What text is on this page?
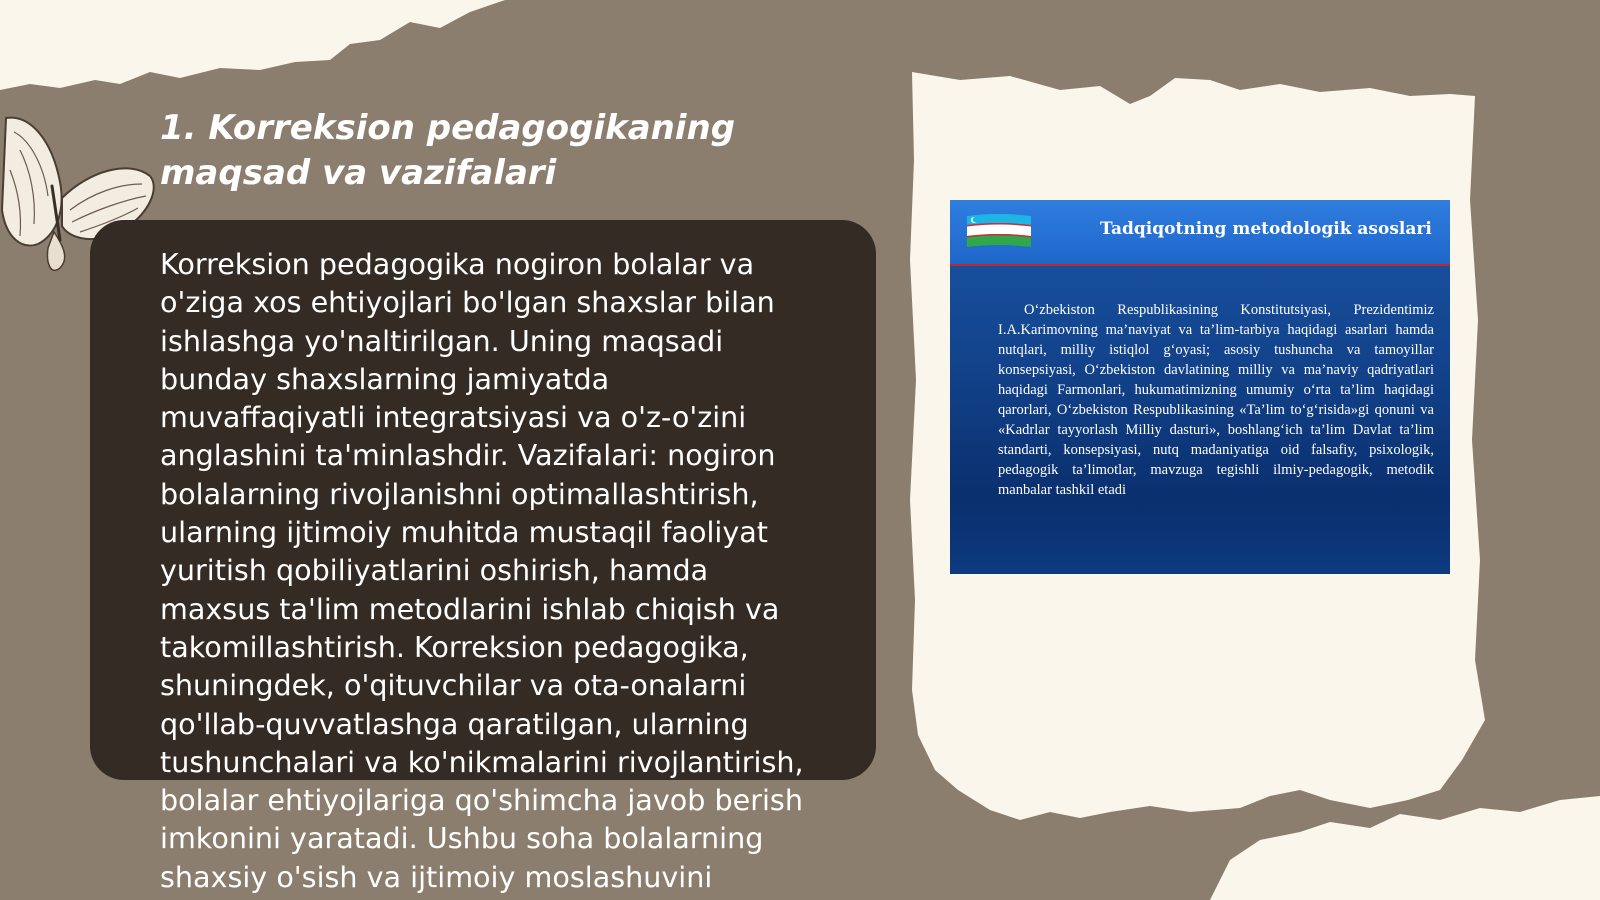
1. Korreksion pedagogikaning
maqsad va vazifalari
Korreksion pedagogika nogiron bolalar va
o'ziga xos ehtiyojlari bo'lgan shaxslar bilan
ishlashga yo'naltirilgan. Uning maqsadi
bunday shaxslarning jamiyatda
muvaffaqiyatli integratsiyasi va o'z-o'zini
anglashini ta'minlashdir. Vazifalari: nogiron
bolalarning rivojlanishni optimallashtirish,
ularning ijtimoiy muhitda mustaqil faoliyat
yuritish qobiliyatlarini oshirish, hamda
maxsus ta'lim metodlarini ishlab chiqish va
takomillashtirish. Korreksion pedagogika,
shuningdek, o'qituvchilar va ota-onalarni
qo'llab-quvvatlashga qaratilgan, ularning
tushunchalari va ko'nikmalarini rivojlantirish,
bolalar ehtiyojlariga qo'shimcha javob berish
imkonini yaratadi. Ushbu soha bolalarning
shaxsiy o'sish va ijtimoiy moslashuvini
Tadqiqotning metodologik asoslari
O‘zbekiston Respublikasining Konstitutsiyasi, Prezidentimiz I.A.Karimovning ma’naviyat va ta’lim-tarbiya haqidagi asarlari hamda nutqlari, milliy istiqlol g‘oyasi; asosiy tushuncha va tamoyillar konsepsiyasi, O‘zbekiston davlatining milliy va ma’naviy qadriyatlari haqidagi Farmonlari, hukumatimizning umumiy o‘rta ta’lim haqidagi qarorlari, O‘zbekiston Respublikasining «Ta’lim to‘g‘risida»gi qonuni va «Kadrlar tayyorlash Milliy dasturi», boshlang‘ich ta’lim Davlat ta’lim standarti, konsepsiyasi, nutq madaniyatiga oid falsafiy, psixologik, pedagogik ta’limotlar, mavzuga tegishli ilmiy-pedagogik, metodik manbalar tashkil etadi
